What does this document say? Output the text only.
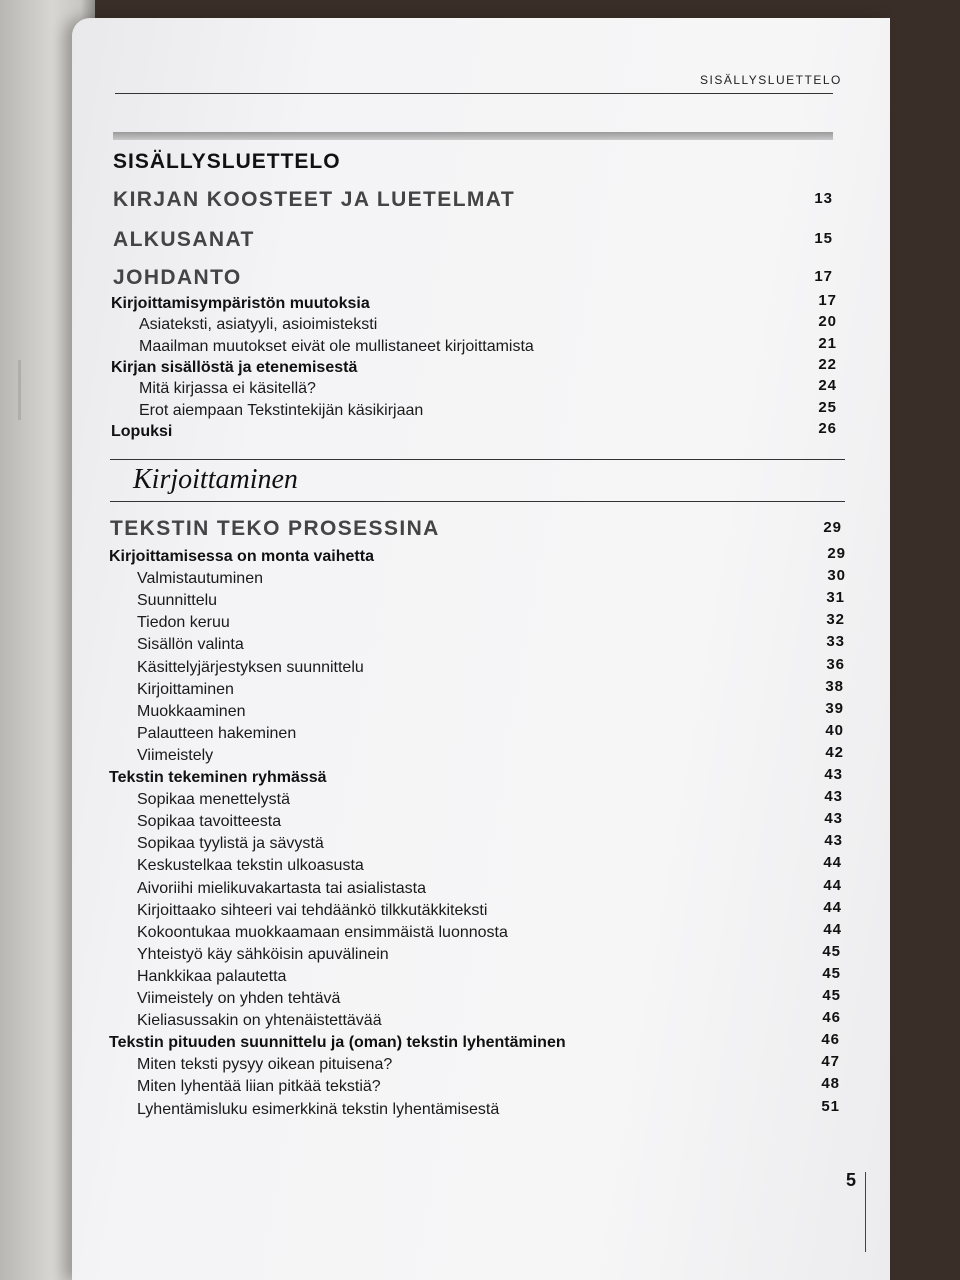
SISÄLLYSLUETTELO
SISÄLLYSLUETTELO
KIRJAN KOOSTEET JA LUETELMAT	13
ALKUSANAT	15
JOHDANTO	17
Kirjoittamisympäristön muutoksia	17
Asiateksti, asiatyyli, asioimisteksti	20
Maailman muutokset eivät ole mullistaneet kirjoittamista	21
Kirjan sisällöstä ja etenemisestä	22
Mitä kirjassa ei käsitellä?	24
Erot aiempaan Tekstintekijän käsikirjaan	25
Lopuksi	26
Kirjoittaminen
TEKSTIN TEKO PROSESSINA	29
Kirjoittamisessa on monta vaihetta	29
Valmistautuminen	30
Suunnittelu	31
Tiedon keruu	32
Sisällön valinta	33
Käsittelyjärjestyksen suunnittelu	36
Kirjoittaminen	38
Muokkaaminen	39
Palautteen hakeminen	40
Viimeistely	42
Tekstin tekeminen ryhmässä	43
Sopikaa menettelystä	43
Sopikaa tavoitteesta	43
Sopikaa tyylistä ja sävystä	43
Keskustelkaa tekstin ulkoasusta	44
Aivoriihi mielikuvakartasta tai asialistasta	44
Kirjoittaako sihteeri vai tehdäänkö tilkkutäkkiteksti	44
Kokoontukaa muokkaamaan ensimmäistä luonnosta	44
Yhteistyö käy sähköisin apuvälinein	45
Hankkikaa palautetta	45
Viimeistely on yhden tehtävä	45
Kieliasussakin on yhtenäistettävää	46
Tekstin pituuden suunnittelu ja (oman) tekstin lyhentäminen	46
Miten teksti pysyy oikean pituisena?	47
Miten lyhentää liian pitkää tekstiä?	48
Lyhentämisluku esimerkkinä tekstin lyhentämisestä	51
5
